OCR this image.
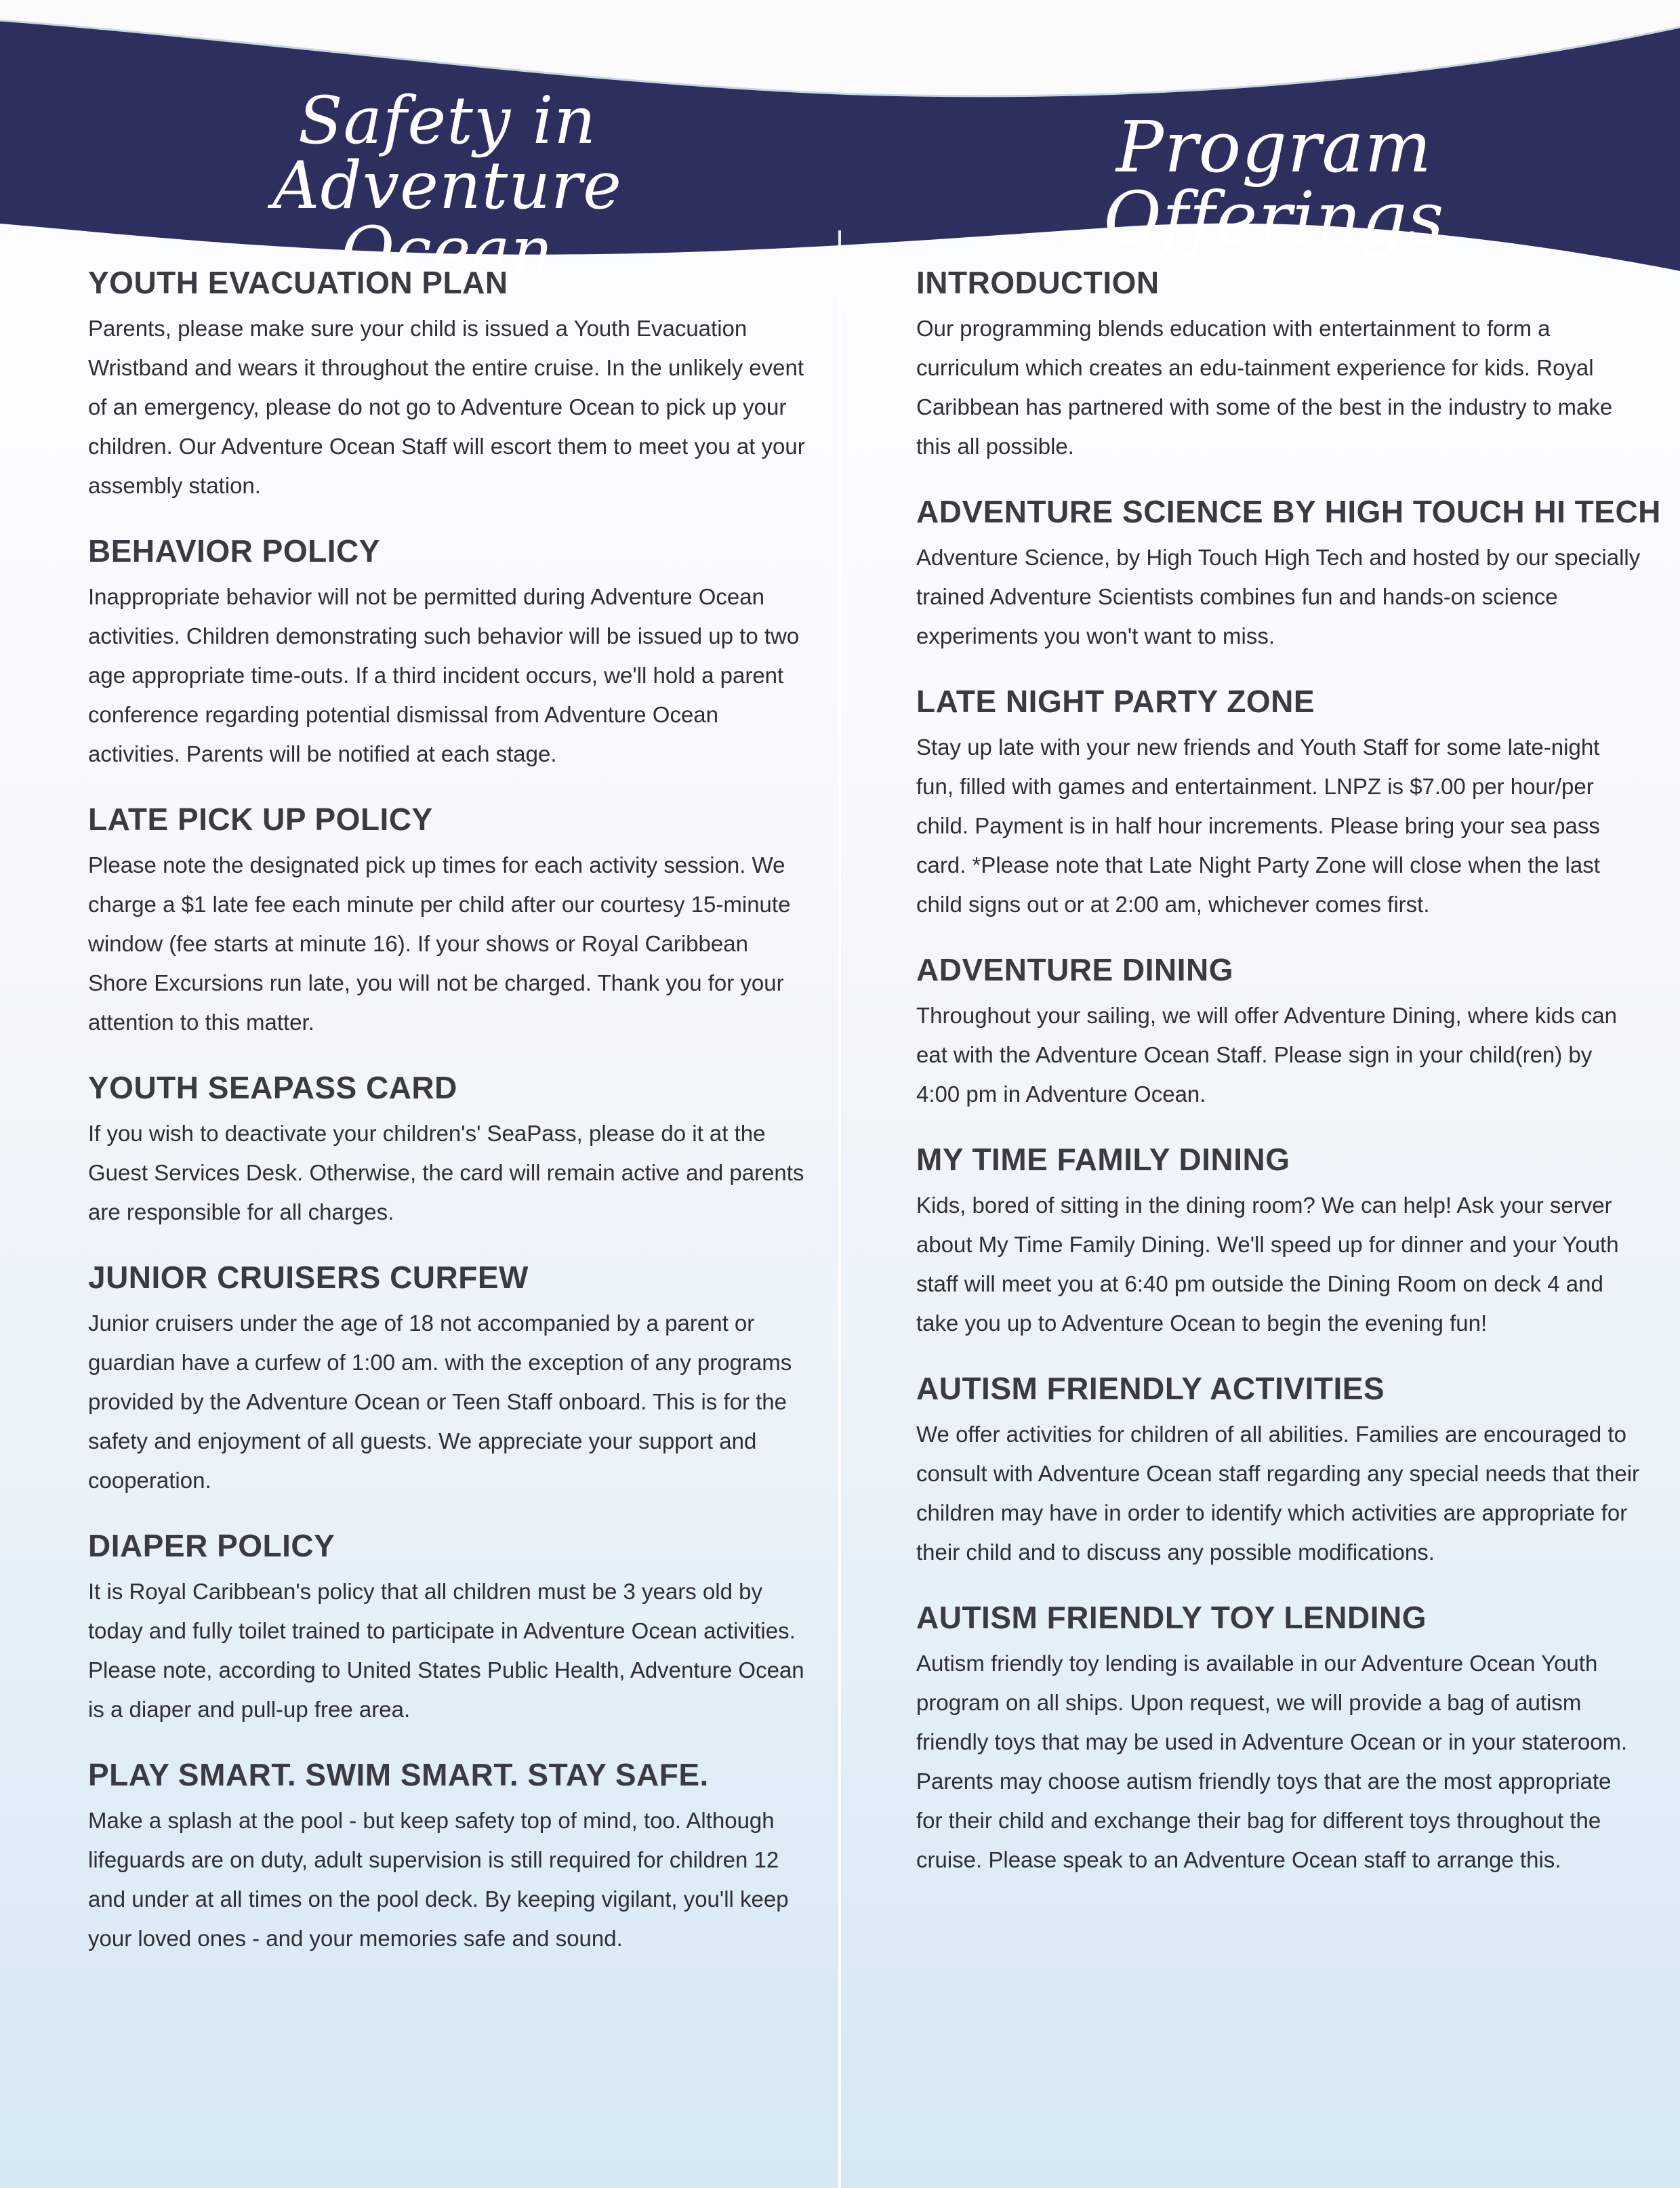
Safety in
Adventure Ocean
Program Offerings
YOUTH EVACUATION PLAN

Parents, please make sure your child is issued a Youth Evacuation Wristband and wears it throughout the entire cruise. In the unlikely event of an emergency, please do not go to Adventure Ocean to pick up your children. Our Adventure Ocean Staff will escort them to meet you at your assembly station.

BEHAVIOR POLICY

Inappropriate behavior will not be permitted during Adventure Ocean activities. Children demonstrating such behavior will be issued up to two age appropriate time-outs. If a third incident occurs, we'll hold a parent conference regarding potential dismissal from Adventure Ocean activities. Parents will be notified at each stage.

LATE PICK UP POLICY

Please note the designated pick up times for each activity session. We charge a $1 late fee each minute per child after our courtesy 15-minute window (fee starts at minute 16). If your shows or Royal Caribbean Shore Excursions run late, you will not be charged. Thank you for your attention to this matter.

YOUTH SEAPASS CARD

If you wish to deactivate your children's' SeaPass, please do it at the Guest Services Desk. Otherwise, the card will remain active and parents are responsible for all charges.

JUNIOR CRUISERS CURFEW

Junior cruisers under the age of 18 not accompanied by a parent or guardian have a curfew of 1:00 am. with the exception of any programs provided by the Adventure Ocean or Teen Staff onboard. This is for the safety and enjoyment of all guests. We appreciate your support and cooperation.

DIAPER POLICY

It is Royal Caribbean's policy that all children must be 3 years old by today and fully toilet trained to participate in Adventure Ocean activities. Please note, according to United States Public Health, Adventure Ocean is a diaper and pull-up free area.

PLAY SMART. SWIM SMART. STAY SAFE.

Make a splash at the pool - but keep safety top of mind, too. Although lifeguards are on duty, adult supervision is still required for children 12 and under at all times on the pool deck. By keeping vigilant, you'll keep your loved ones - and your memories safe and sound.

INTRODUCTION

Our programming blends education with entertainment to form a curriculum which creates an edu-tainment experience for kids. Royal Caribbean has partnered with some of the best in the industry to make this all possible.

ADVENTURE SCIENCE BY HIGH TOUCH HI TECH

Adventure Science, by High Touch High Tech and hosted by our specially trained Adventure Scientists combines fun and hands-on science experiments you won't want to miss.

LATE NIGHT PARTY ZONE

Stay up late with your new friends and Youth Staff for some late-night fun, filled with games and entertainment. LNPZ is $7.00 per hour/per child. Payment is in half hour increments. Please bring your sea pass card. *Please note that Late Night Party Zone will close when the last child signs out or at 2:00 am, whichever comes first.

ADVENTURE DINING

Throughout your sailing, we will offer Adventure Dining, where kids can eat with the Adventure Ocean Staff. Please sign in your child(ren) by 4:00 pm in Adventure Ocean.

MY TIME FAMILY DINING

Kids, bored of sitting in the dining room? We can help! Ask your server about My Time Family Dining. We'll speed up for dinner and your Youth staff will meet you at 6:40 pm outside the Dining Room on deck 4 and take you up to Adventure Ocean to begin the evening fun!

AUTISM FRIENDLY ACTIVITIES

We offer activities for children of all abilities. Families are encouraged to consult with Adventure Ocean staff regarding any special needs that their children may have in order to identify which activities are appropriate for their child and to discuss any possible modifications.

AUTISM FRIENDLY TOY LENDING

Autism friendly toy lending is available in our Adventure Ocean Youth program on all ships. Upon request, we will provide a bag of autism friendly toys that may be used in Adventure Ocean or in your stateroom. Parents may choose autism friendly toys that are the most appropriate for their child and exchange their bag for different toys throughout the cruise. Please speak to an Adventure Ocean staff to arrange this.
